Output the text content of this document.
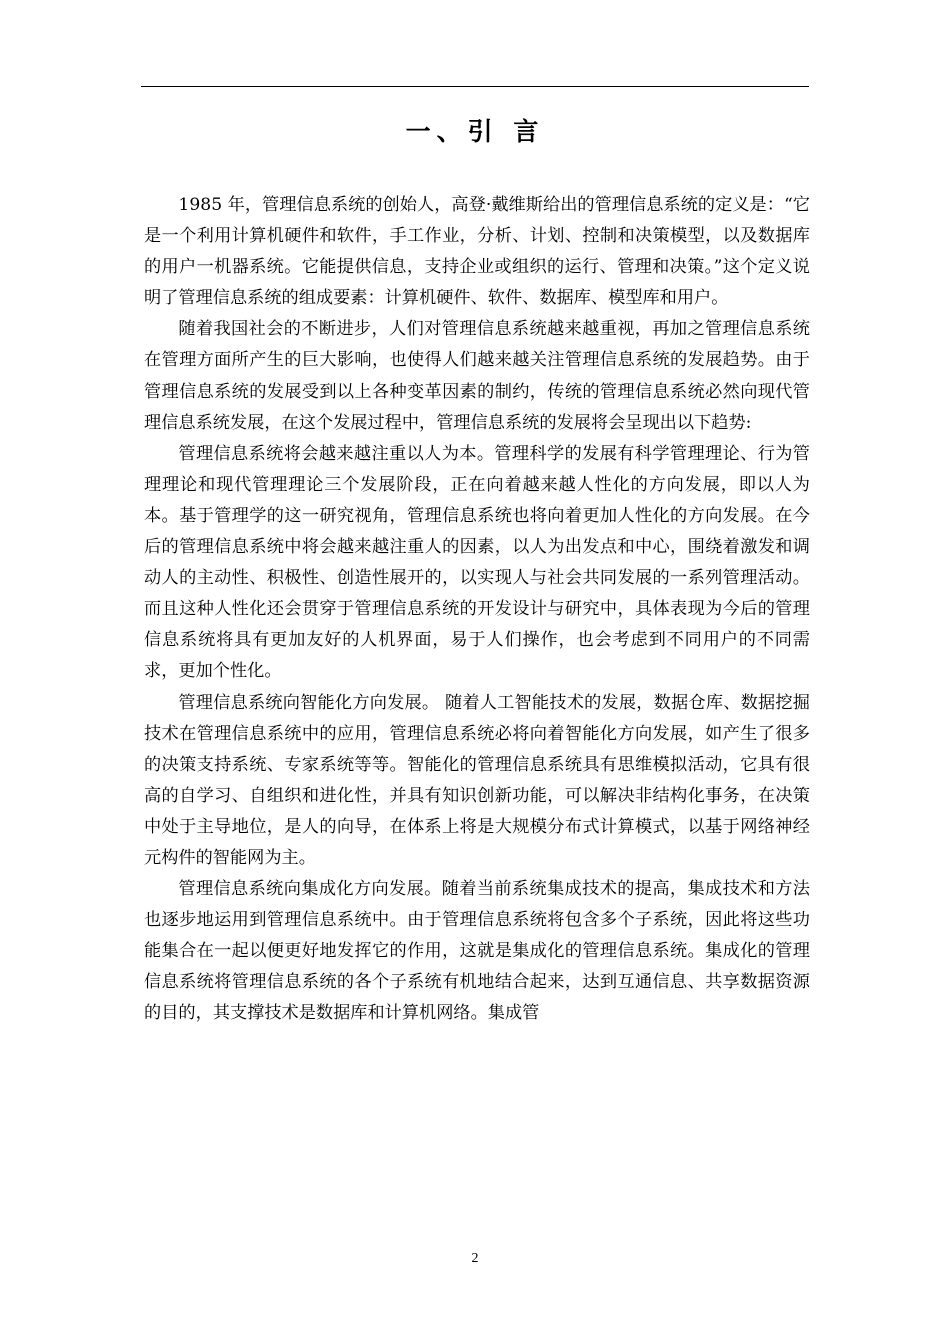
一、引 言

1985 年，管理信息系统的创始人，高登·戴维斯给出的管理信息系统的定义是：“它是一个利用计算机硬件和软件，手工作业，分析、计划、控制和决策模型，以及数据库的用户一机器系统。它能提供信息，支持企业或组织的运行、管理和决策。”这个定义说明了管理信息系统的组成要素：计算机硬件、软件、数据库、模型库和用户。

随着我国社会的不断进步，人们对管理信息系统越来越重视，再加之管理信息系统在管理方面所产生的巨大影响，也使得人们越来越关注管理信息系统的发展趋势。由于管理信息系统的发展受到以上各种变革因素的制约，传统的管理信息系统必然向现代管理信息系统发展，在这个发展过程中，管理信息系统的发展将会呈现出以下趋势:

管理信息系统将会越来越注重以人为本。管理科学的发展有科学管理理论、行为管理理论和现代管理理论三个发展阶段，正在向着越来越人性化的方向发展，即以人为本。基于管理学的这一研究视角，管理信息系统也将向着更加人性化的方向发展。在今后的管理信息系统中将会越来越注重人的因素，以人为出发点和中心，围绕着激发和调动人的主动性、积极性、创造性展开的，以实现人与社会共同发展的一系列管理活动。而且这种人性化还会贯穿于管理信息系统的开发设计与研究中，具体表现为今后的管理信息系统将具有更加友好的人机界面，易于人们操作，也会考虑到不同用户的不同需求，更加个性化。

管理信息系统向智能化方向发展。 随着人工智能技术的发展，数据仓库、数据挖掘技术在管理信息系统中的应用，管理信息系统必将向着智能化方向发展，如产生了很多的决策支持系统、专家系统等等。智能化的管理信息系统具有思维模拟活动，它具有很高的自学习、自组织和进化性，并具有知识创新功能，可以解决非结构化事务，在决策中处于主导地位，是人的向导，在体系上将是大规模分布式计算模式，以基于网络神经元构件的智能网为主。

管理信息系统向集成化方向发展。随着当前系统集成技术的提高，集成技术和方法也逐步地运用到管理信息系统中。由于管理信息系统将包含多个子系统，因此将这些功能集合在一起以便更好地发挥它的作用，这就是集成化的管理信息系统。集成化的管理信息系统将管理信息系统的各个子系统有机地结合起来，达到互通信息、共享数据资源的目的，其支撑技术是数据库和计算机网络。集成管

2
